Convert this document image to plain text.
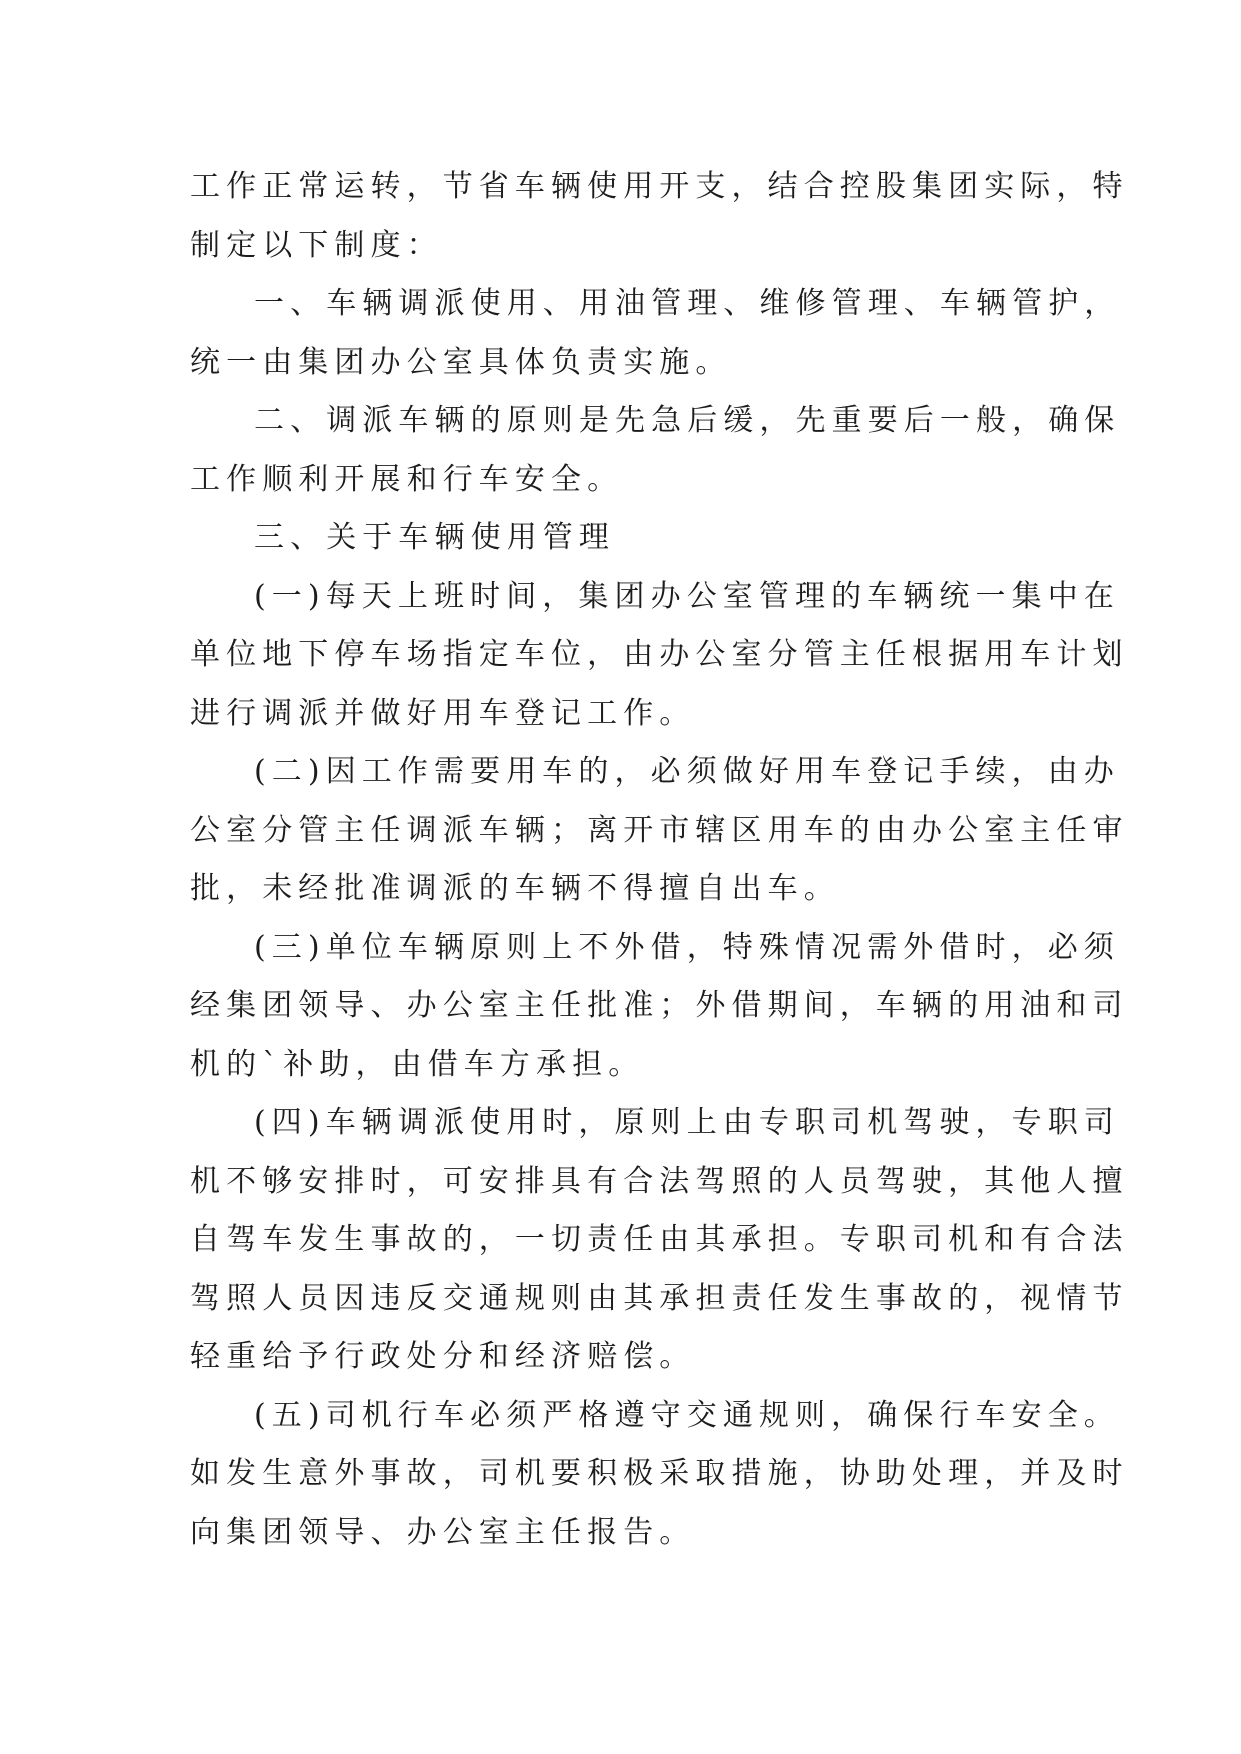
工作正常运转，节省车辆使用开支，结合控股集团实际，特
制定以下制度：
一、车辆调派使用、用油管理、维修管理、车辆管护，
统一由集团办公室具体负责实施。
二、调派车辆的原则是先急后缓，先重要后一般，确保
工作顺利开展和行车安全。
三、关于车辆使用管理
(一)每天上班时间，集团办公室管理的车辆统一集中在
单位地下停车场指定车位，由办公室分管主任根据用车计划
进行调派并做好用车登记工作。
(二)因工作需要用车的，必须做好用车登记手续，由办
公室分管主任调派车辆；离开市辖区用车的由办公室主任审
批，未经批准调派的车辆不得擅自出车。
(三)单位车辆原则上不外借，特殊情况需外借时，必须
经集团领导、办公室主任批准；外借期间，车辆的用油和司
机的`补助，由借车方承担。
(四)车辆调派使用时，原则上由专职司机驾驶，专职司
机不够安排时，可安排具有合法驾照的人员驾驶，其他人擅
自驾车发生事故的，一切责任由其承担。专职司机和有合法
驾照人员因违反交通规则由其承担责任发生事故的，视情节
轻重给予行政处分和经济赔偿。
(五)司机行车必须严格遵守交通规则，确保行车安全。
如发生意外事故，司机要积极采取措施，协助处理，并及时
向集团领导、办公室主任报告。
